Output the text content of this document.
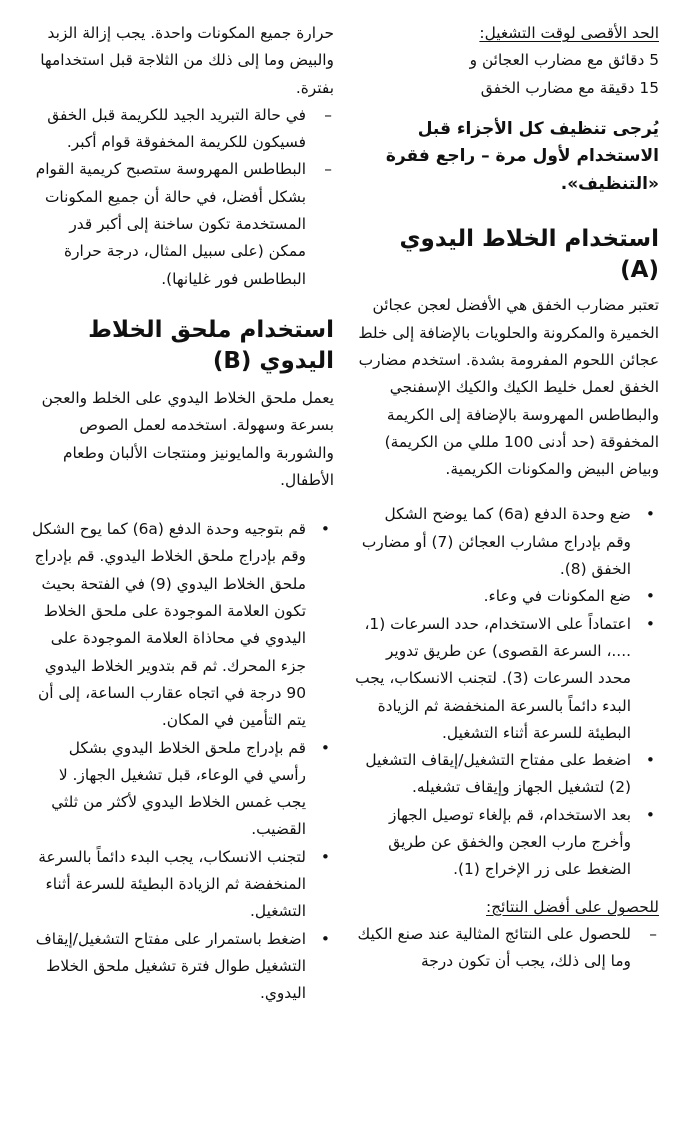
الحد الأقصى لوقت التشغيل:

5 دقائق مع مضارب العجائن و

15 دقيقة مع مضارب الخفق

يُرجى تنظيف كل الأجزاء قبل الاستخدام لأول مرة – راجع فقرة «التنظيف».

استخدام الخلاط اليدوي (A)

تعتبر مضارب الخفق هي الأفضل لعجن عجائن الخميرة والمكرونة والحلويات بالإضافة إلى خلط عجائن اللحوم المفرومة بشدة. استخدم مضارب الخفق لعمل خليط الكيك والكيك الإسفنجي والبطاطس المهروسة بالإضافة إلى الكريمة المخفوقة (حد أدنى 100 مللي من الكريمة) وبياض البيض والمكونات الكريمية.

• ضع وحدة الدفع (6a) كما يوضح الشكل وقم بإدراج مشارب العجائن (7) أو مضارب الخفق (8).
• ضع المكونات في وعاء.
• اعتماداً على الاستخدام، حدد السرعات (1، ....، السرعة القصوى) عن طريق تدوير محدد السرعات (3). لتجنب الانسكاب، يجب البدء دائماً بالسرعة المنخفضة ثم الزيادة البطيئة للسرعة أثناء التشغيل.
• اضغط على مفتاح التشغيل/إيقاف التشغيل (2) لتشغيل الجهاز وإيقاف تشغيله.
• بعد الاستخدام، قم بإلغاء توصيل الجهاز وأخرج مارب العجن والخفق عن طريق الضغط على زر الإخراج (1).

للحصول على أفضل النتائج:

– للحصول على النتائج المثالية عند صنع الكيك وما إلى ذلك، يجب أن تكون درجة

حرارة جميع المكونات واحدة. يجب إزالة الزبد والبيض وما إلى ذلك من الثلاجة قبل استخدامها بفترة.

– في حالة التبريد الجيد للكريمة قبل الخفق فسيكون للكريمة المخفوقة قوام أكبر.
– البطاطس المهروسة ستصبح كريمية القوام بشكل أفضل، في حالة أن جميع المكونات المستخدمة تكون ساخنة إلى أكبر قدر ممكن (على سبيل المثال، درجة حرارة البطاطس فور غليانها).
استخدام ملحق الخلاط اليدوي (B)

يعمل ملحق الخلاط اليدوي على الخلط والعجن بسرعة وسهولة. استخدمه لعمل الصوص والشوربة والمايونيز ومنتجات الألبان وطعام الأطفال.

• قم بتوجيه وحدة الدفع (6a) كما يوح الشكل وقم بإدراج ملحق الخلاط اليدوي. قم بإدراج ملحق الخلاط اليدوي (9) في الفتحة بحيث تكون العلامة الموجودة على ملحق الخلاط اليدوي في محاذاة العلامة الموجودة على جزء المحرك. ثم قم بتدوير الخلاط اليدوي 90 درجة في اتجاه عقارب الساعة، إلى أن يتم التأمين في المكان.
• قم بإدراج ملحق الخلاط اليدوي بشكل رأسي في الوعاء، قبل تشغيل الجهاز. لا يجب غمس الخلاط اليدوي لأكثر من ثلثي القضيب.
• لتجنب الانسكاب، يجب البدء دائماً بالسرعة المنخفضة ثم الزيادة البطيئة للسرعة أثناء التشغيل.
• اضغط باستمرار على مفتاح التشغيل/إيقاف التشغيل طوال فترة تشغيل ملحق الخلاط اليدوي.
